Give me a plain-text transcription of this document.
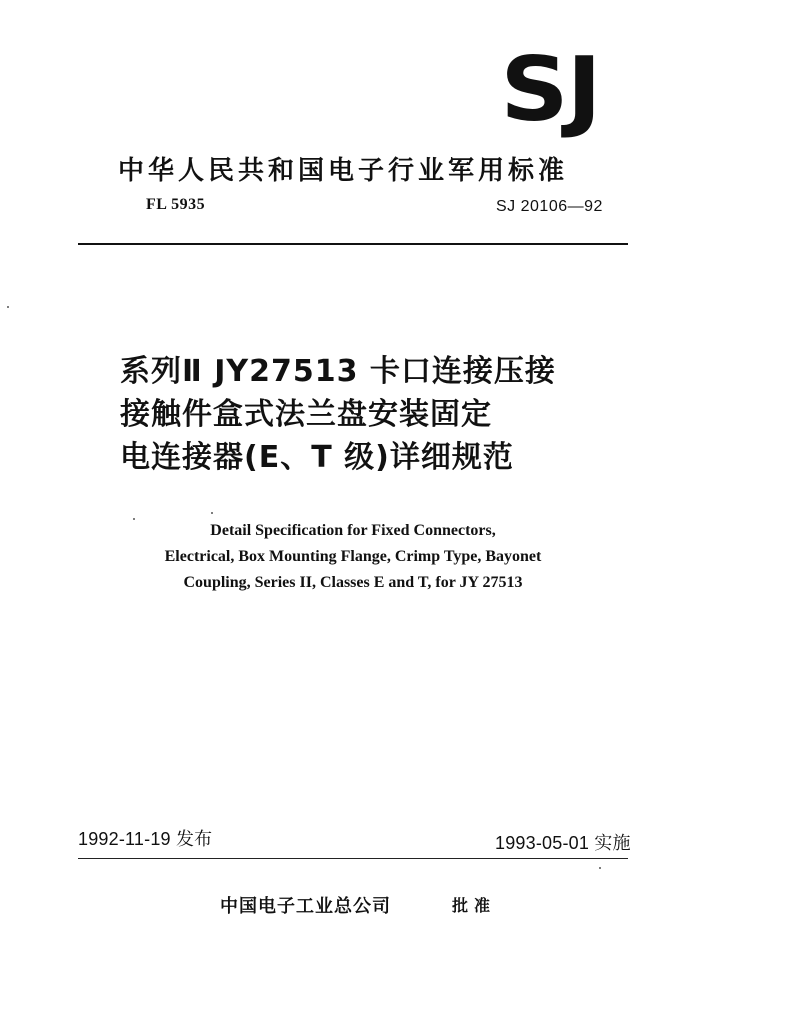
SJ
中华人民共和国电子行业军用标准
FL 5935	SJ 20106—92
系列Ⅱ JY27513 卡口连接压接
接触件盒式法兰盘安装固定
电连接器(E、T 级)详细规范
Detail Specification for Fixed Connectors,
Electrical, Box Mounting Flange, Crimp Type, Bayonet
Coupling, Series II, Classes E and T, for JY 27513
1992-11-19 发布	1993-05-01 实施
中国电子工业总公司	批准
